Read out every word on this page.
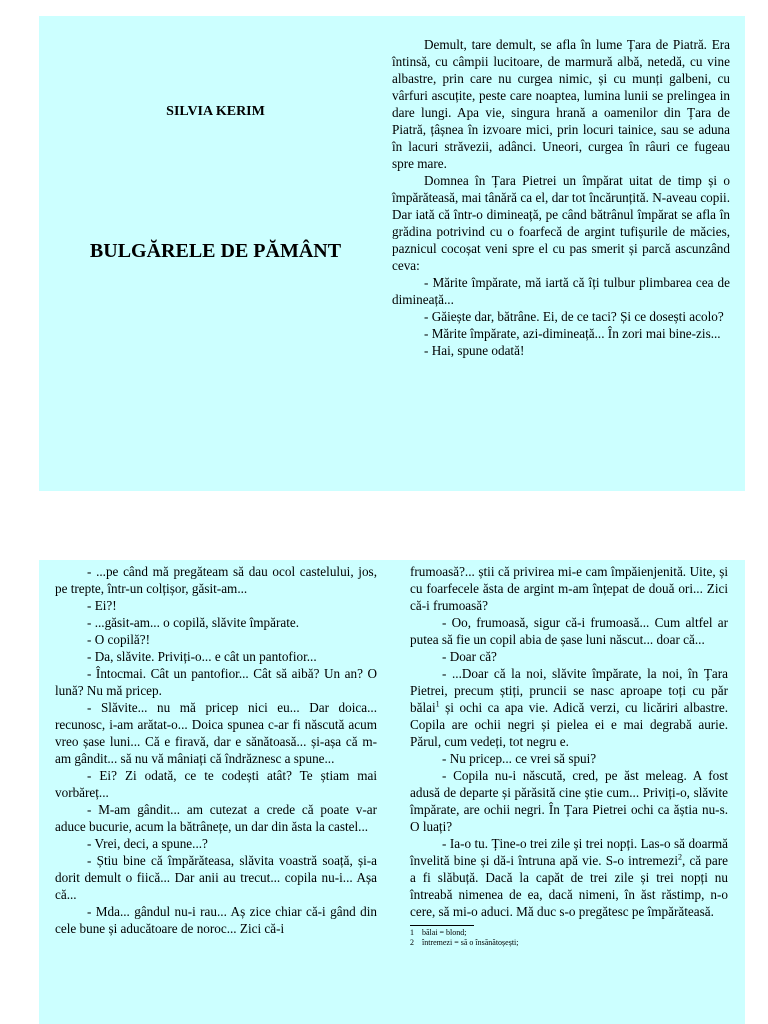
SILVIA KERIM
BULGĂRELE DE PĂMÂNT

Demult, tare demult, se afla în lume Țara de Piatră. Era întinsă, cu câmpii lucitoare, de marmură albă, netedă, cu vine albastre, prin care nu curgea nimic, și cu munți galbeni, cu vârfuri ascuțite, peste care noaptea, lumina lunii se prelingea in dare lungi. Apa vie, singura hrană a oamenilor din Țara de Piatră, țâșnea în izvoare mici, prin locuri tainice, sau se aduna în lacuri străvezii, adânci. Uneori, curgea în râuri ce fugeau spre mare.

Domnea în Țara Pietrei un împărat uitat de timp și o împărăteasă, mai tânără ca el, dar tot încărunțită. N-aveau copii. Dar iată că într-o dimineață, pe când bătrânul împărat se afla în grădina potrivind cu o foarfecă de argint tufișurile de măcies, paznicul cocoșat veni spre el cu pas smerit și parcă ascunzând ceva:

- Mărite împărate, mă iartă că îți tulbur plimbarea cea de dimineață...

- Găiește dar, bătrâne. Ei, de ce taci? Și ce dosești acolo?

- Mărite împărate, azi-dimineață... În zori mai bine-zis...

- Hai, spune odată!

- ...pe când mă pregăteam să dau ocol castelului, jos, pe trepte, într-un colțișor, găsit-am...

- Ei?!

- ...găsit-am... o copilă, slăvite împărate.

- O copilă?!

- Da, slăvite. Priviți-o... e cât un pantofior...

- Întocmai. Cât un pantofior... Cât să aibă? Un an? O lună? Nu mă pricep.

- Slăvite... nu mă pricep nici eu... Dar doica... recunosc, i-am arătat-o... Doica spunea c-ar fi născută acum vreo șase luni... Că e firavă, dar e sănătoasă... și-așa că m-am gândit... să nu vă mâniați că îndrăznesc a spune...

- Ei? Zi odată, ce te codești atât? Te știam mai vorbăreț...

- M-am gândit... am cutezat a crede că poate v-ar aduce bucurie, acum la bătrânețe, un dar din ăsta la castel...

- Vrei, deci, a spune...?

- Știu bine că împărăteasa, slăvita voastră soață, și-a dorit demult o fiică... Dar anii au trecut... copila nu-i... Așa că...

- Mda... gândul nu-i rau... Aș zice chiar că-i gând din cele bune și aducătoare de noroc... Zici că-i

frumoasă?... știi că privirea mi-e cam împăienjenită. Uite, și cu foarfecele ăsta de argint m-am înțepat de două ori... Zici că-i frumoasă?

- Oo, frumoasă, sigur că-i frumoasă... Cum altfel ar putea să fie un copil abia de șase luni născut... doar că...

- Doar că?

- ...Doar că la noi, slăvite împărate, la noi, în Țara Pietrei, precum știți, pruncii se nasc aproape toți cu păr bălai$^1$ și ochi ca apa vie. Adică verzi, cu licăriri albastre. Copila are ochii negri și pielea ei e mai degrabă aurie. Părul, cum vedeți, tot negru e.

- Nu pricep... ce vrei să spui?

- Copila nu-i născută, cred, pe ăst meleag. A fost adusă de departe și părăsită cine știe cum... Priviți-o, slăvite împărate, are ochii negri. În Țara Pietrei ochi ca ăștia nu-s. O luați?

- Ia-o tu. Ține-o trei zile și trei nopți. Las-o să doarmă învelită bine și dă-i întruna apă vie. S-o intremezi$^2$, că pare a fi slăbuță. Dacă la capăt de trei zile și trei nopți nu întreabă nimenea de ea, dacă nimeni, în ăst răstimp, n-o cere, să mi-o aduci. Mă duc s-o pregătesc pe împărăteasă.

1 bălai = blond;

2 întremezi = să o însănătoșești;
